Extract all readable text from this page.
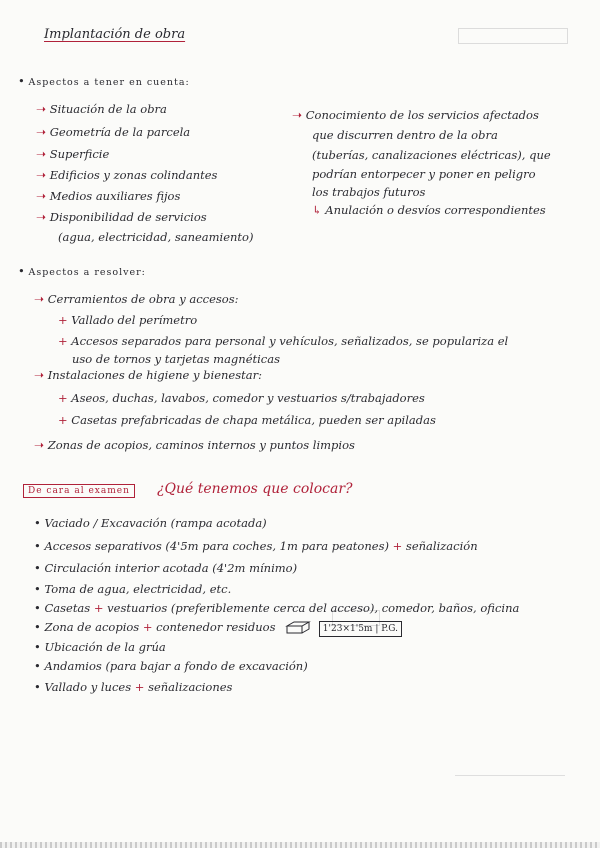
Implantación de obra
• Aspectos a tener en cuenta:
➝ Situación de la obra
➝ Geometría de la parcela
➝ Superficie
➝ Edificios y zonas colindantes
➝ Medios auxiliares fijos
➝ Disponibilidad de servicios
(agua, electricidad, saneamiento)
➝ Conocimiento de los servicios afectados
que discurren dentro de la obra
(tuberías, canalizaciones eléctricas), que
podrían entorpecer y poner en peligro
los trabajos futuros
↳ Anulación o desvíos correspondientes
• Aspectos a resolver:
➝ Cerramientos de obra y accesos:
+ Vallado del perímetro
+ Accesos separados para personal y vehículos, señalizados, se populariza el
uso de tornos y tarjetas magnéticas
➝ Instalaciones de higiene y bienestar:
+ Aseos, duchas, lavabos, comedor y vestuarios s/trabajadores
+ Casetas prefabricadas de chapa metálica, pueden ser apiladas
➝ Zonas de acopios, caminos internos y puntos limpios
De cara al examen	¿Qué tenemos que colocar?
• Vaciado / Excavación (rampa acotada)
• Accesos separativos (4'5m para coches, 1m para peatones) + señalización
• Circulación interior acotada (4'2m mínimo)
• Toma de agua, electricidad, etc.
• Casetas + vestuarios (preferiblemente cerca del acceso), comedor, baños, oficina
• Zona de acopios + contenedor residuos	1'23×1'5m | P.G.
• Ubicación de la grúa
• Andamios (para bajar a fondo de excavación)
• Vallado y luces + señalizaciones
